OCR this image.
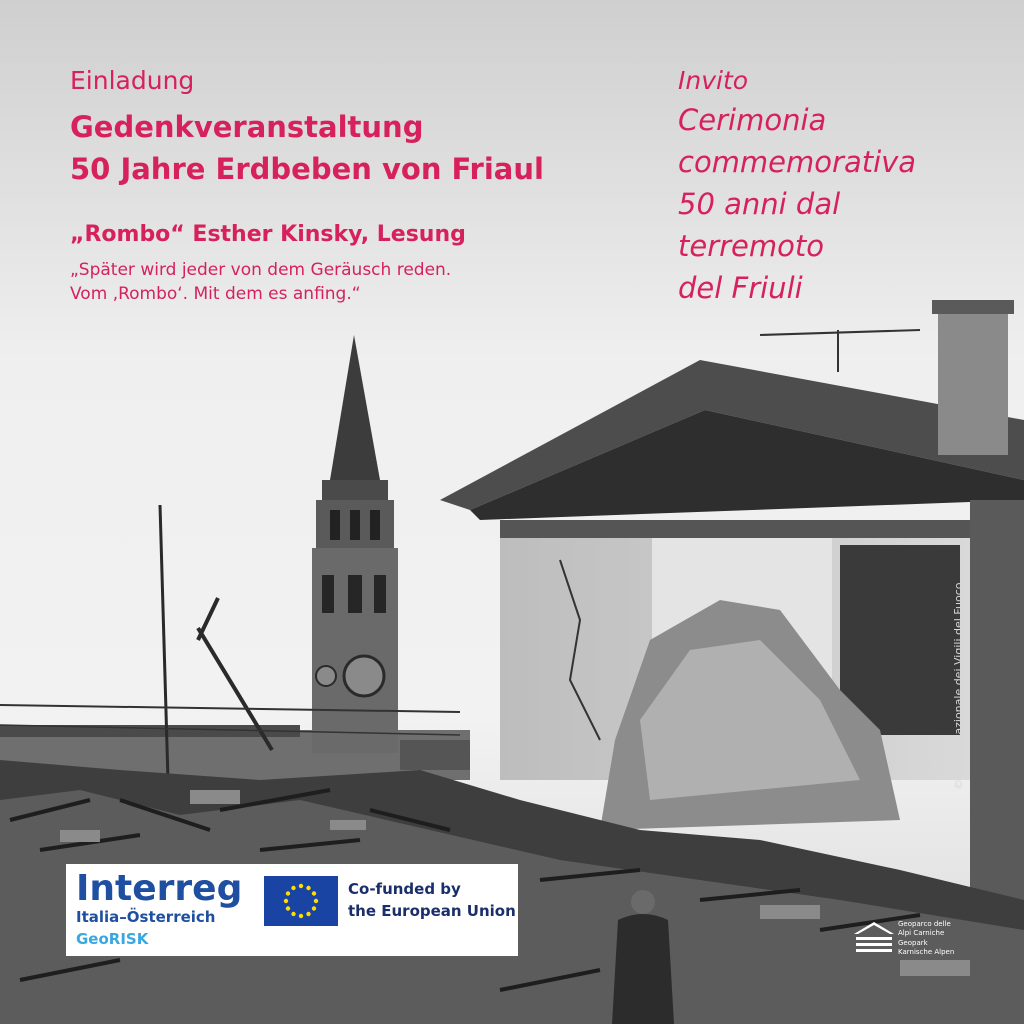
Einladung

Gedenkveranstaltung
50 Jahre Erdbeben von Friaul

„Rombo“ Esther Kinsky, Lesung

„Später wird jeder von dem Geräusch reden.
Vom ‚Rombo‘. Mit dem es anfing.“

Invito

Cerimonia

commemorativa

50 anni dal

terremoto

del Friuli

©Corpo Nazionale dei Vigili del Fuoco
Interreg
Italia–Österreich
GeoRISK
Co-funded by
the European Union
Geoparco delle
Alpi Carniche
Geopark
Karnische Alpen
